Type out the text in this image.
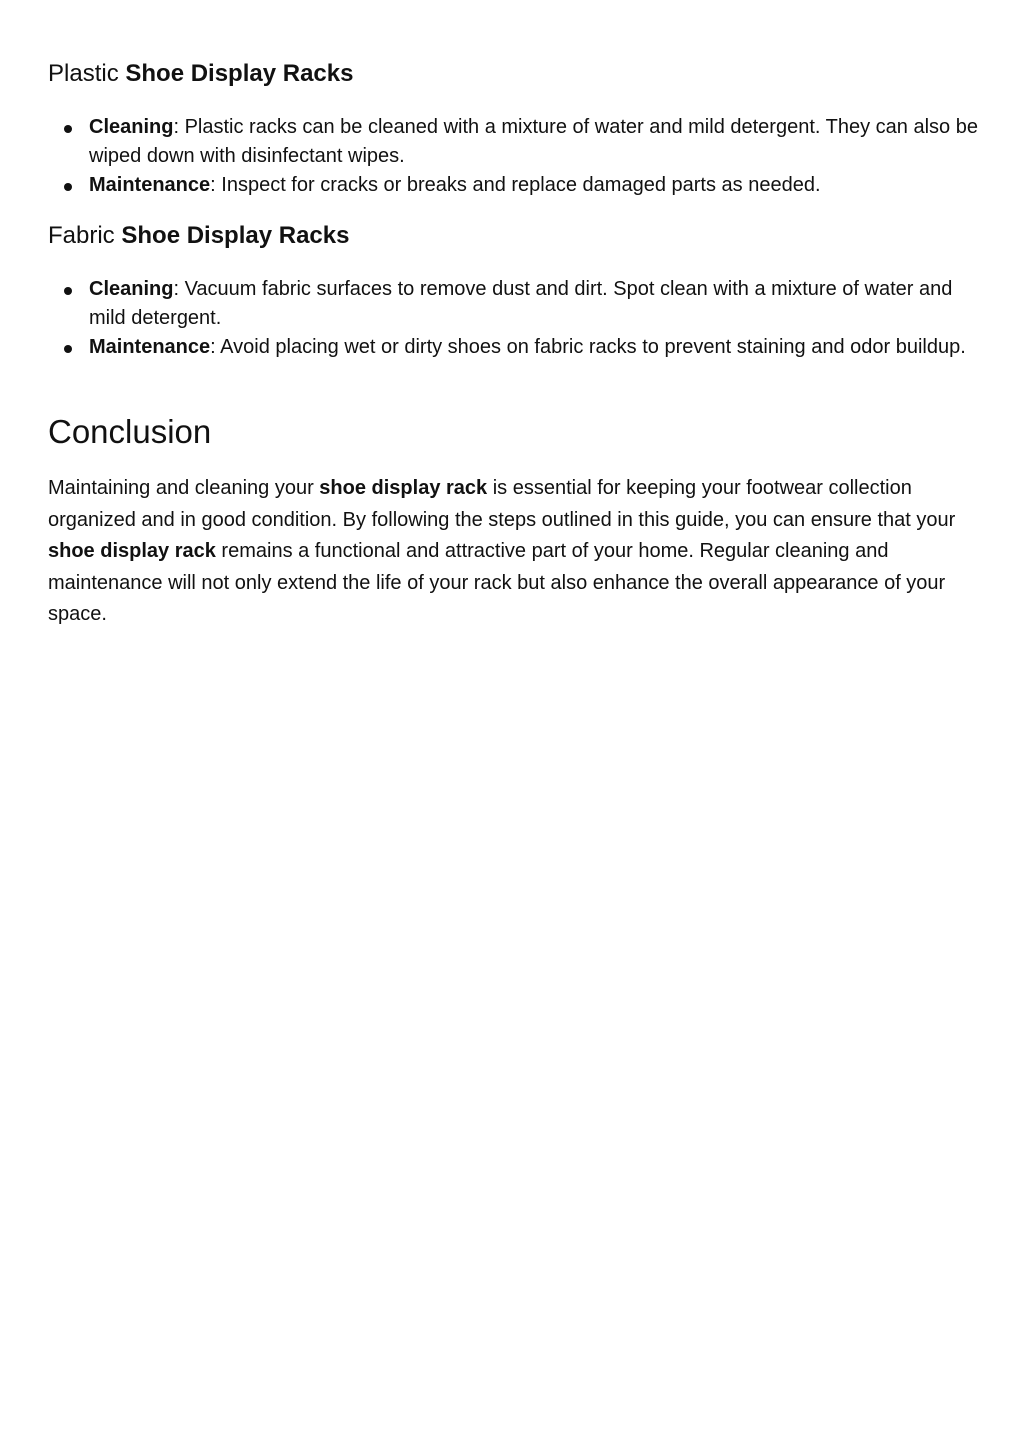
Plastic Shoe Display Racks
Cleaning: Plastic racks can be cleaned with a mixture of water and mild detergent. They can also be wiped down with disinfectant wipes.
Maintenance: Inspect for cracks or breaks and replace damaged parts as needed.
Fabric Shoe Display Racks
Cleaning: Vacuum fabric surfaces to remove dust and dirt. Spot clean with a mixture of water and mild detergent.
Maintenance: Avoid placing wet or dirty shoes on fabric racks to prevent staining and odor buildup.
Conclusion

Maintaining and cleaning your shoe display rack is essential for keeping your footwear collection organized and in good condition. By following the steps outlined in this guide, you can ensure that your shoe display rack remains a functional and attractive part of your home. Regular cleaning and maintenance will not only extend the life of your rack but also enhance the overall appearance of your space.
